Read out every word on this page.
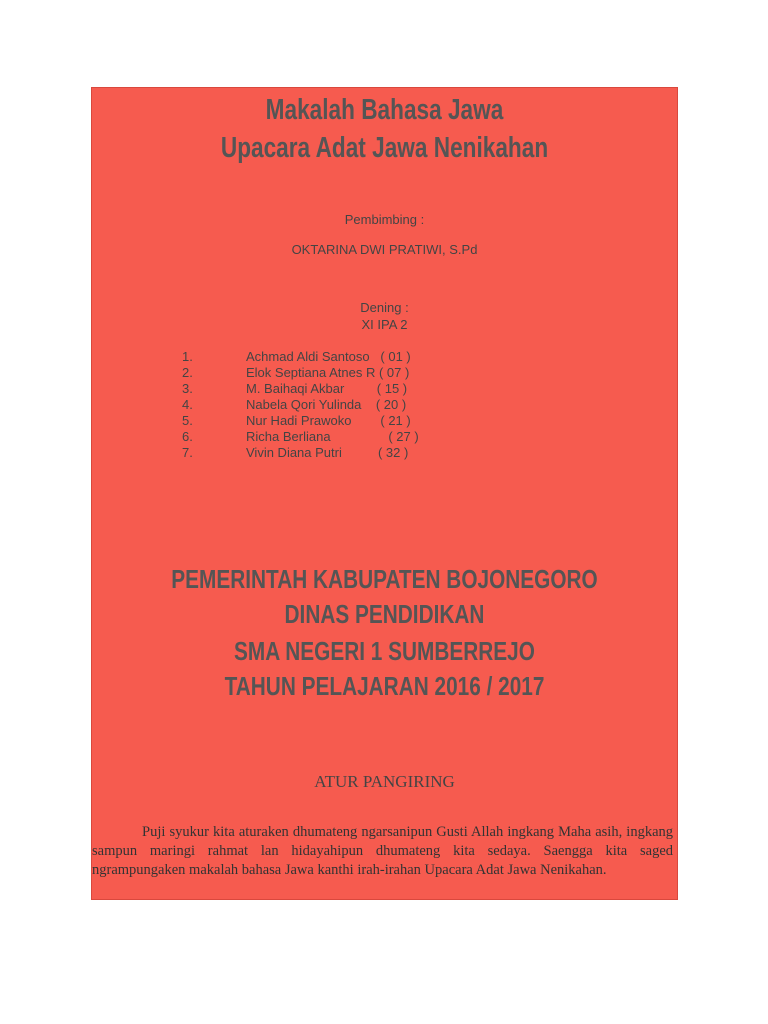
Makalah Bahasa Jawa
Upacara Adat Jawa Nenikahan
Pembimbing :
OKTARINA DWI PRATIWI, S.Pd
Dening :
XI IPA 2
1.	Achmad Aldi Santoso   ( 01 )
2.	Elok Septiana Atnes R ( 07 )
3.	M. Baihaqi Akbar         ( 15 )
4.	Nabela Qori Yulinda    ( 20 )
5.	Nur Hadi Prawoko        ( 21 )
6.	Richa Berliana                ( 27 )
7.	Vivin Diana Putri          ( 32 )
PEMERINTAH KABUPATEN BOJONEGORO
DINAS PENDIDIKAN
SMA NEGERI 1 SUMBERREJO
TAHUN PELAJARAN 2016 / 2017
ATUR PANGIRING
Puji syukur kita aturaken dhumateng ngarsanipun Gusti Allah ingkang Maha asih, ingkang sampun maringi rahmat lan hidayahipun dhumateng kita sedaya. Saengga kita saged ngrampungaken makalah bahasa Jawa kanthi irah-irahan Upacara Adat Jawa Nenikahan.
